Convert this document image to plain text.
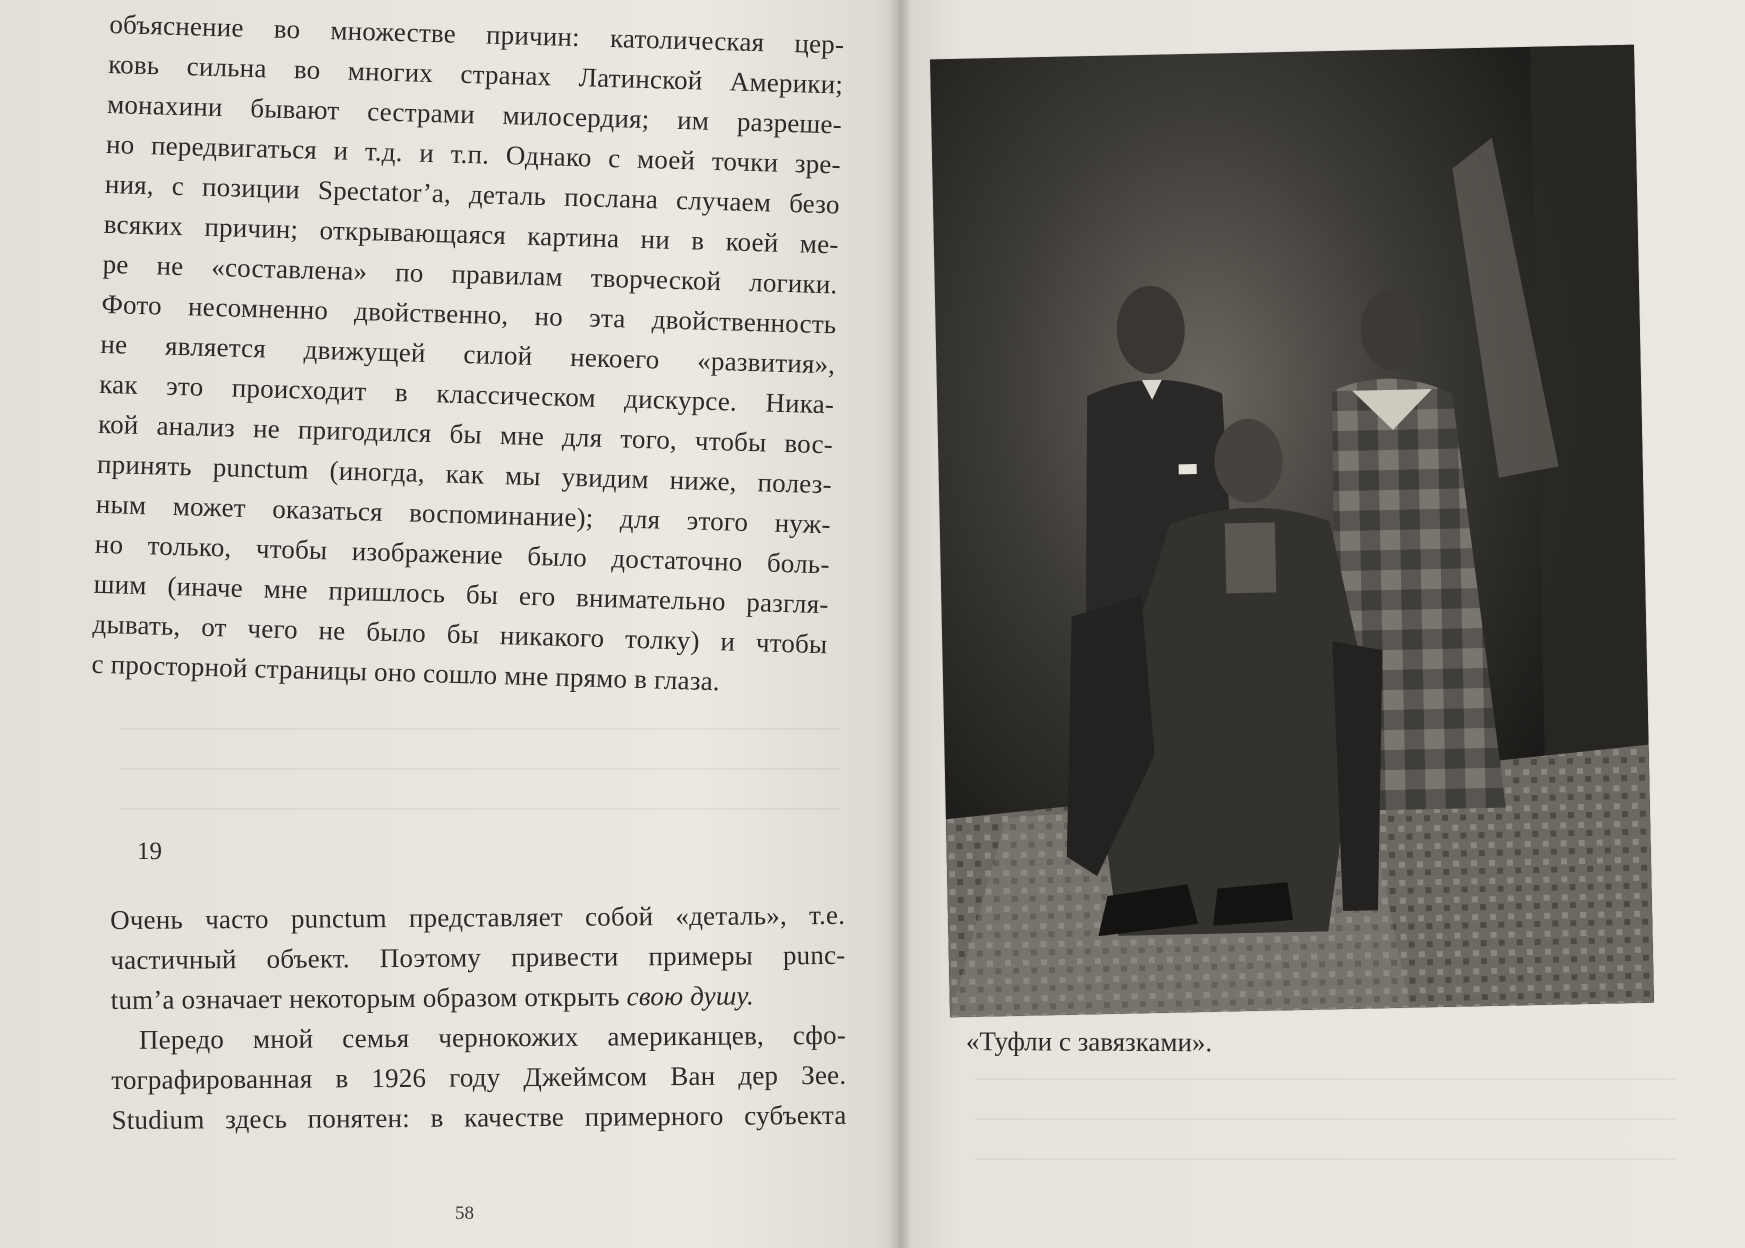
объяснение во множестве причин: католическая цер-
ковь сильна во многих странах Латинской Америки;
монахини бывают сестрами милосердия; им разреше-
но передвигаться и т.д. и т.п. Однако с моей точки зре-
ния, с позиции Spectator’а, деталь послана случаем безо
всяких причин; открывающаяся картина ни в коей ме-
ре не «составлена» по правилам творческой логики.
Фото несомненно двойственно, но эта двойственность
не является движущей силой некоего «развития»,
как это происходит в классическом дискурсе. Ника-
кой анализ не пригодился бы мне для того, чтобы вос-
принять punctum (иногда, как мы увидим ниже, полез-
ным может оказаться воспоминание); для этого нуж-
но только, чтобы изображение было достаточно боль-
шим (иначе мне пришлось бы его внимательно разгля-
дывать, от чего не было бы никакого толку) и чтобы
с просторной страницы оно сошло мне прямо в глаза.
19
Очень часто punctum представляет собой «деталь», т.е.
частичный объект. Поэтому привести примеры punc-
tum’а означает некоторым образом открыть свою душу.
Передо мной семья чернокожих американцев, сфо-
тографированная в 1926 году Джеймсом Ван дер Зее.
Studium здесь понятен: в качестве примерного субъекта
58
«Туфли с завязками».
